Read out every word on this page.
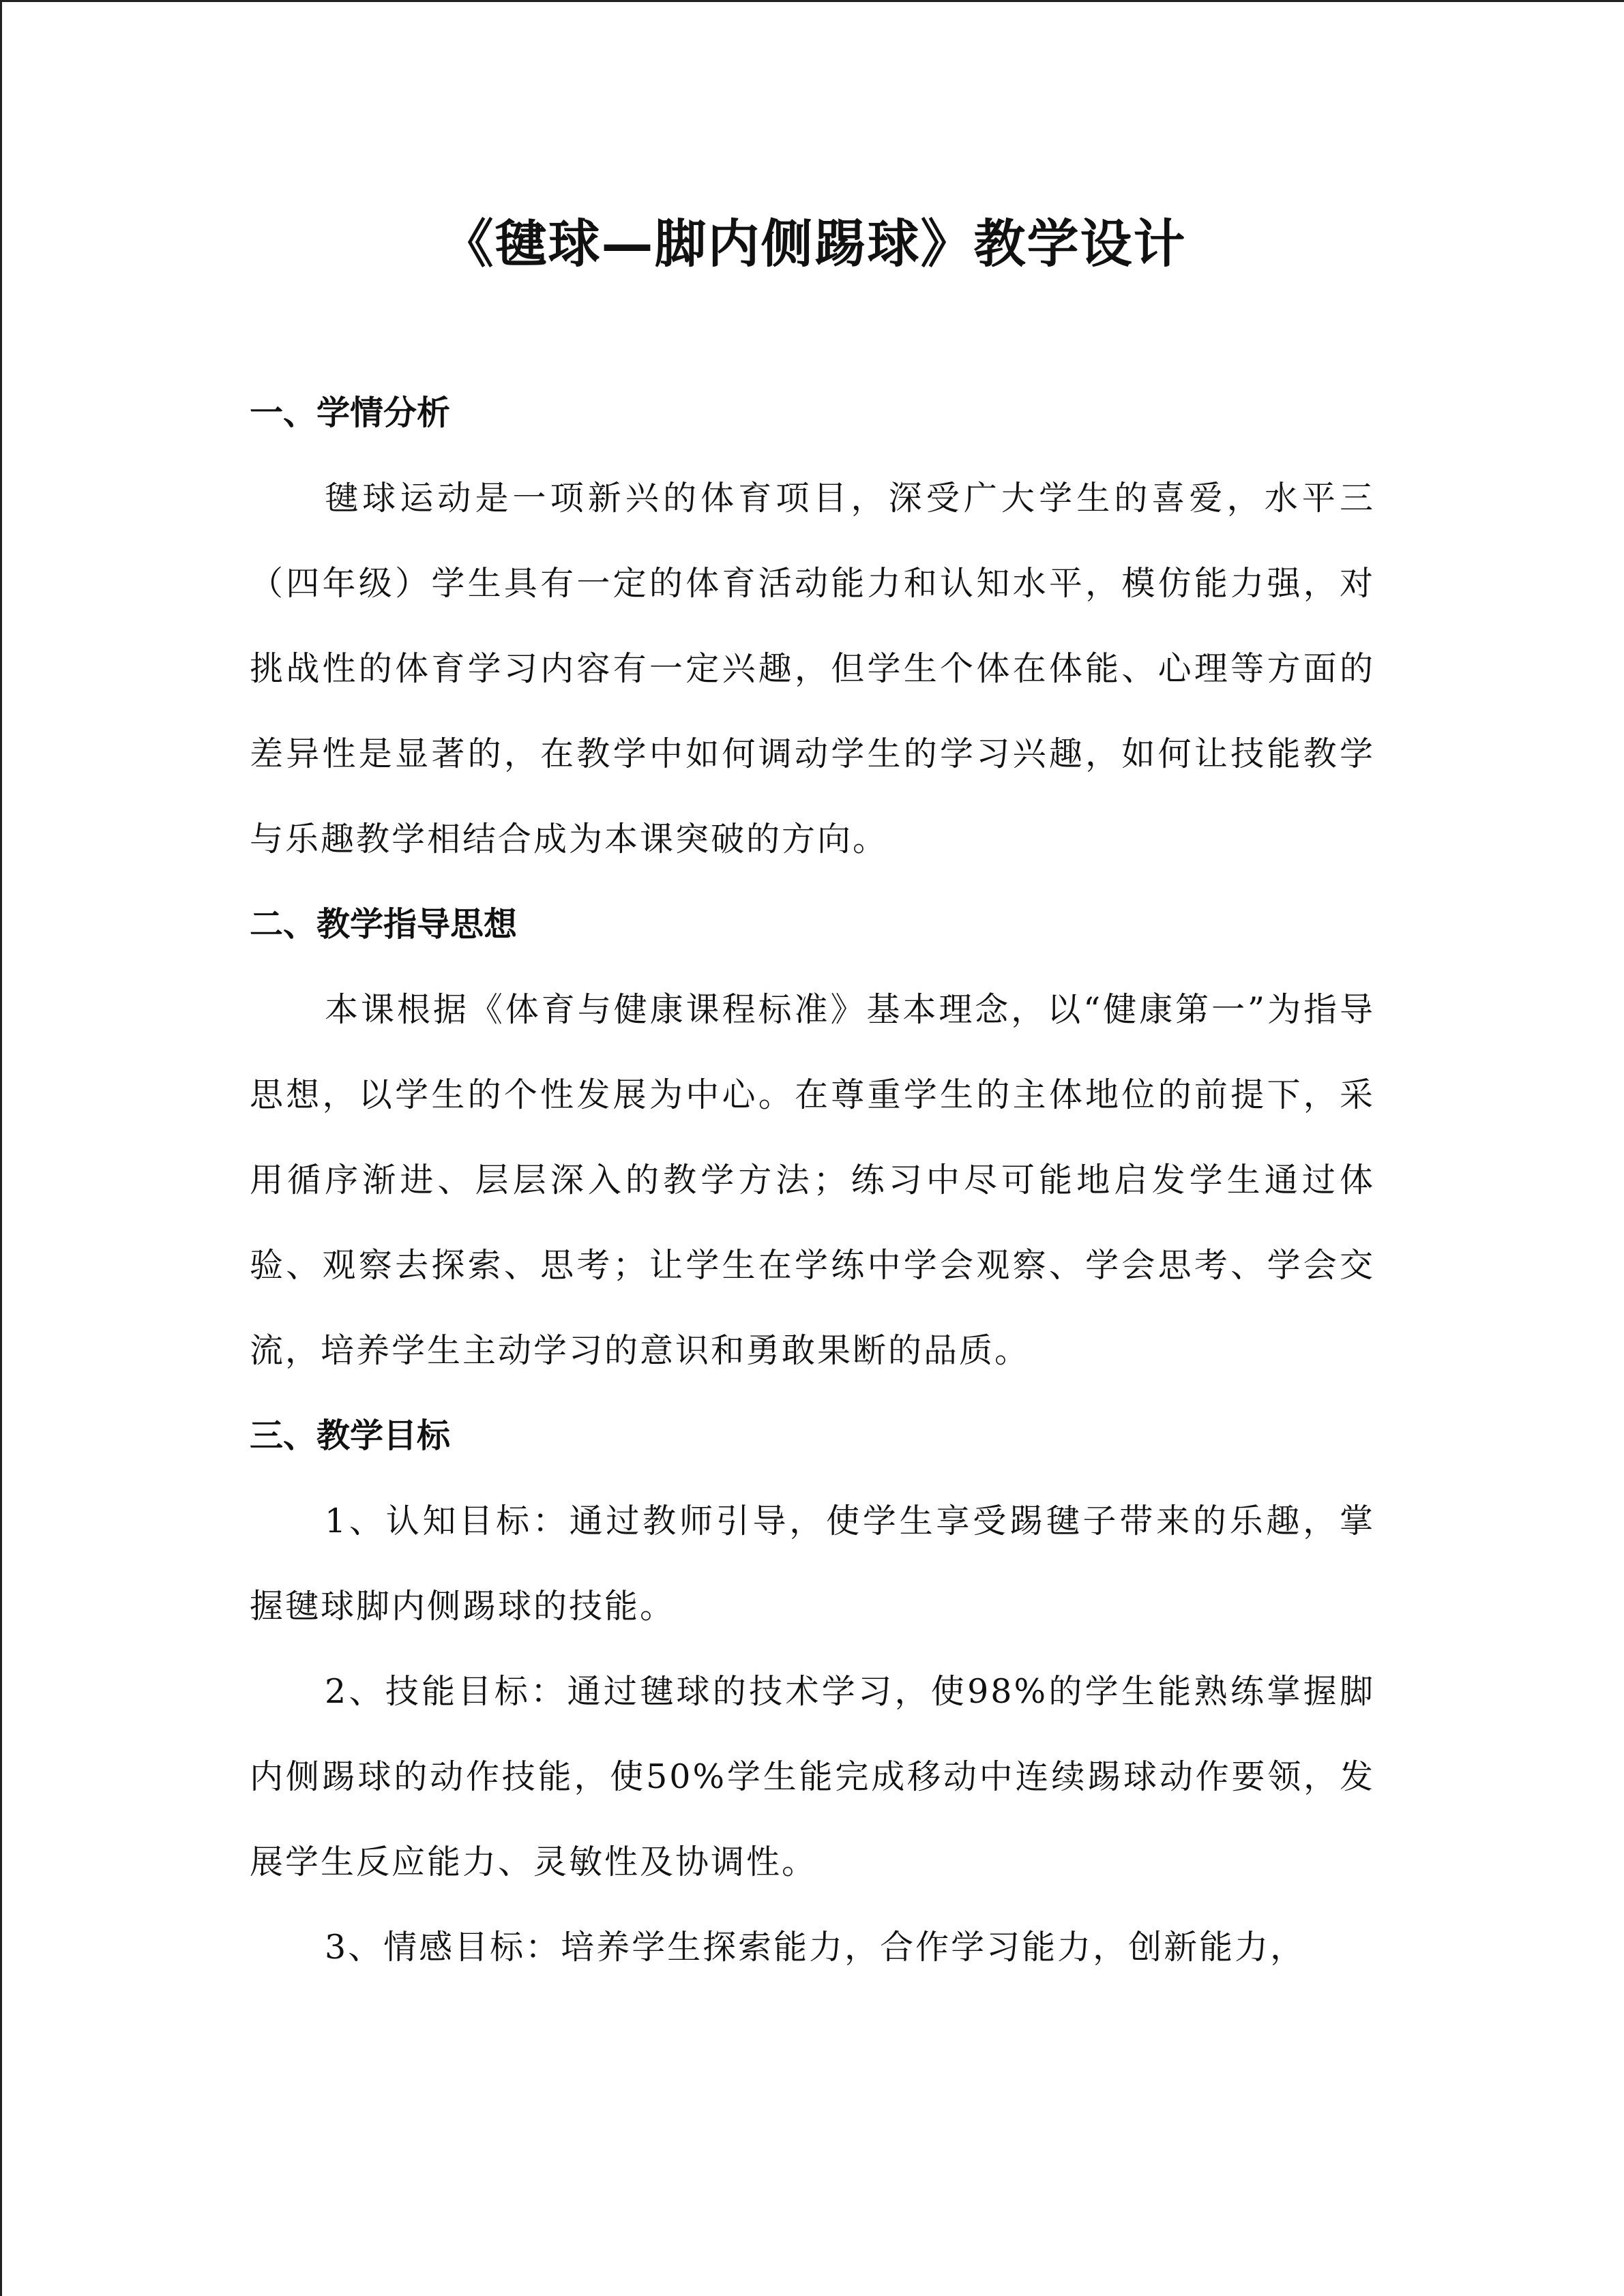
《毽球—脚内侧踢球》教学设计
一、学情分析

毽球运动是一项新兴的体育项目，深受广大学生的喜爱，水平三（四年级）学生具有一定的体育活动能力和认知水平，模仿能力强，对挑战性的体育学习内容有一定兴趣，但学生个体在体能、心理等方面的差异性是显著的，在教学中如何调动学生的学习兴趣，如何让技能教学与乐趣教学相结合成为本课突破的方向。

二、教学指导思想

本课根据《体育与健康课程标准》基本理念，以“健康第一”为指导思想，以学生的个性发展为中心。在尊重学生的主体地位的前提下，采用循序渐进、层层深入的教学方法；练习中尽可能地启发学生通过体验、观察去探索、思考；让学生在学练中学会观察、学会思考、学会交流，培养学生主动学习的意识和勇敢果断的品质。

三、教学目标

1、认知目标：通过教师引导，使学生享受踢毽子带来的乐趣，掌握毽球脚内侧踢球的技能。

2、技能目标：通过毽球的技术学习，使98%的学生能熟练掌握脚内侧踢球的动作技能，使50%学生能完成移动中连续踢球动作要领，发展学生反应能力、灵敏性及协调性。

3、情感目标：培养学生探索能力，合作学习能力，创新能力，
